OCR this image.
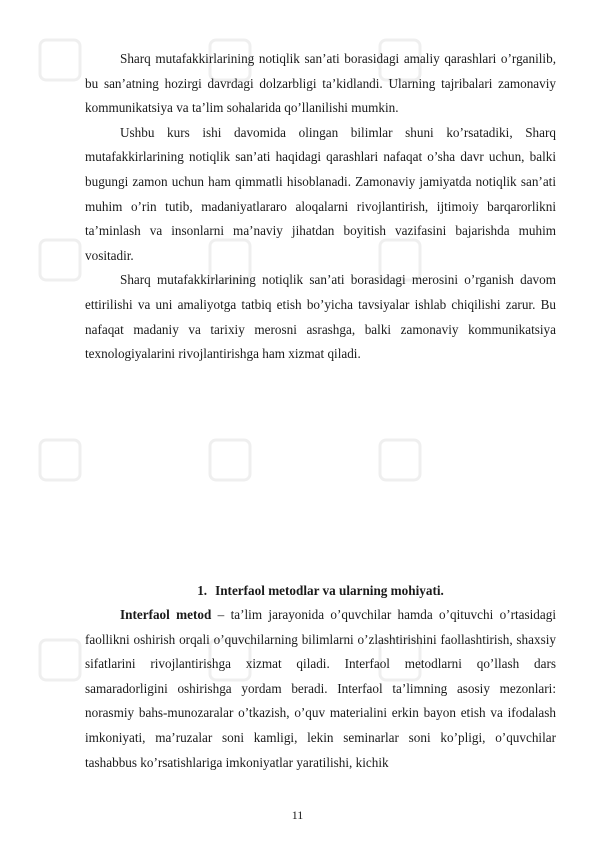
Sharq mutafakkirlarining notiqlik san’ati borasidagi amaliy qarashlari o’rganilib, bu san’atning hozirgi davrdagi dolzarbligi ta’kidlandi. Ularning tajribalari zamonaviy kommunikatsiya va ta’lim sohalarida qo’llanilishi mumkin.

Ushbu kurs ishi davomida olingan bilimlar shuni ko’rsatadiki, Sharq mutafakkirlarining notiqlik san’ati haqidagi qarashlari nafaqat o’sha davr uchun, balki bugungi zamon uchun ham qimmatli hisoblanadi. Zamonaviy jamiyatda notiqlik san’ati muhim o’rin tutib, madaniyatlararo aloqalarni rivojlantirish, ijtimoiy barqarorlikni ta’minlash va insonlarni ma’naviy jihatdan boyitish vazifasini bajarishda muhim vositadir.

Sharq mutafakkirlarining notiqlik san’ati borasidagi merosini o’rganish davom ettirilishi va uni amaliyotga tatbiq etish bo’yicha tavsiyalar ishlab chiqilishi zarur. Bu nafaqat madaniy va tarixiy merosni asrashga, balki zamonaviy kommunikatsiya texnologiyalarini rivojlantirishga ham xizmat qiladi.

1. Interfaol metodlar va ularning mohiyati.

Interfaol metod – ta’lim jarayonida o’quvchilar hamda o’qituvchi o’rtasidagi faollikni oshirish orqali o’quvchilarning bilimlarni o’zlashtirishini faollashtirish, shaxsiy sifatlarini rivojlantirishga xizmat qiladi. Interfaol metodlarni qo’llash dars samaradorligini oshirishga yordam beradi. Interfaol ta’limning asosiy mezonlari: norasmiy bahs-munozaralar o’tkazish, o’quv materialini erkin bayon etish va ifodalash imkoniyati, ma’ruzalar soni kamligi, lekin seminarlar soni ko’pligi, o’quvchilar tashabbus ko’rsatishlariga imkoniyatlar yaratilishi, kichik

11
